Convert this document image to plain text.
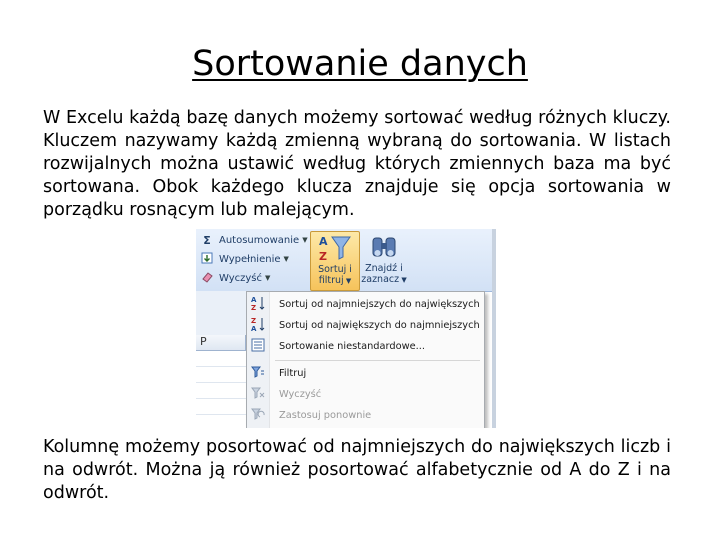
Sortowanie danych
W Excelu każdą bazę danych możemy sortować według różnych kluczy. Kluczem nazywamy każdą zmienną wybraną do sortowania. W listach rozwijalnych można ustawić według których zmiennych baza ma być sortowana. Obok każdego klucza znajduje się opcja sortowania w porządku rosnącym lub malejącym.
Σ Autosumowanie ▼
Wypełnienie ▼
Wyczyść ▼
A
Z
Sortuj i
filtruj ▼
Znajdź i
zaznacz ▼
P
A
Z	Sortuj od najmniejszych do największych
Z
A	Sortuj od największych do najmniejszych
Sortowanie niestandardowe...
Filtruj
Wyczyść
Zastosuj ponownie
Kolumnę możemy posortować od najmniejszych do największych liczb i na odwrót. Można ją również posortować alfabetycznie od A do Z i na odwrót.
